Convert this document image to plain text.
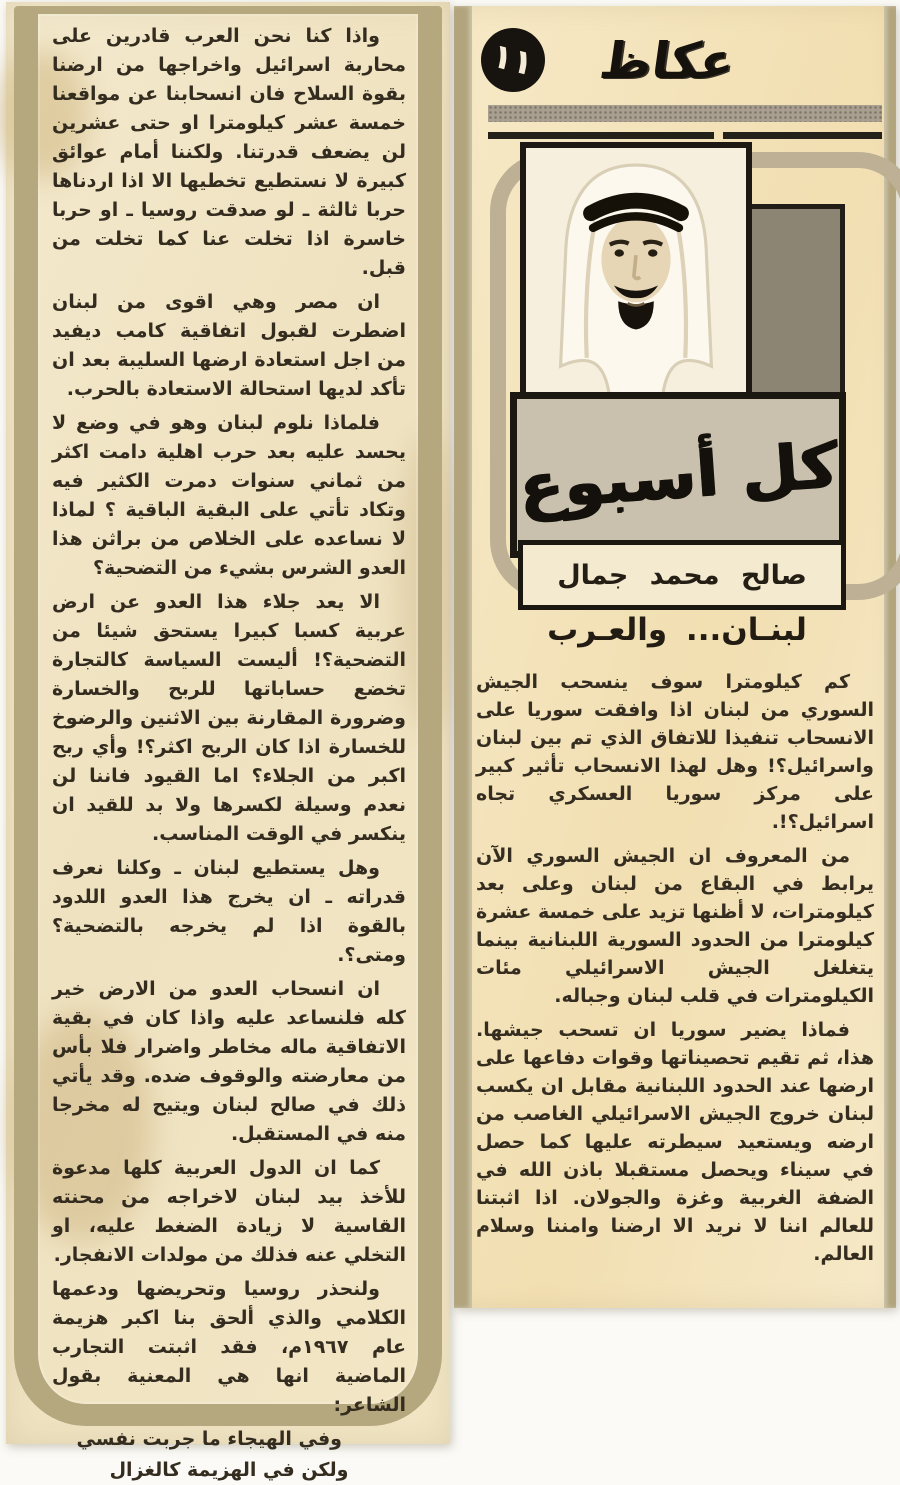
واذا كنا نحن العرب قادرين على محاربة اسرائيل واخراجها من ارضنا بقوة السلاح فان انسحابنا عن مواقعنا خمسة عشر كيلومترا او حتى عشرين لن يضعف قدرتنا. ولكننا أمام عوائق كبيرة لا نستطيع تخطيها الا اذا اردناها حربا ثالثة ـ لو صدقت روسيا ـ او حربا خاسرة اذا تخلت عنا كما تخلت من قبل.

ان مصر وهي اقوى من لبنان اضطرت لقبول اتفاقية كامب ديفيد من اجل استعادة ارضها السليبة بعد ان تأكد لديها استحالة الاستعادة بالحرب.

فلماذا نلوم لبنان وهو في وضع لا يحسد عليه بعد حرب اهلية دامت اكثر من ثماني سنوات دمرت الكثير فيه وتكاد تأتي على البقية الباقية ؟ لماذا لا نساعده على الخلاص من براثن هذا العدو الشرس بشيء من التضحية؟

الا يعد جلاء هذا العدو عن ارض عربية كسبا كبيرا يستحق شيئا من التضحية؟! أليست السياسة كالتجارة تخضع حساباتها للربح والخسارة وضرورة المقارنة بين الاثنين والرضوخ للخسارة اذا كان الربح اكثر؟! وأي ربح اكبر من الجلاء؟ اما القيود فاننا لن نعدم وسيلة لكسرها ولا بد للقيد ان ينكسر في الوقت المناسب.

وهل يستطيع لبنان ـ وكلنا نعرف قدراته ـ ان يخرج هذا العدو اللدود بالقوة اذا لم يخرجه بالتضحية؟ ومتى؟.

ان انسحاب العدو من الارض خير كله فلنساعد عليه واذا كان في بقية الاتفاقية ماله مخاطر واضرار فلا بأس من معارضته والوقوف ضده. وقد يأتي ذلك في صالح لبنان ويتيح له مخرجا منه في المستقبل.

كما ان الدول العربية كلها مدعوة للأخذ بيد لبنان لاخراجه من محنته القاسية لا زيادة الضغط عليه، او التخلي عنه فذلك من مولدات الانفجار.

ولنحذر روسيا وتحريضها ودعمها الكلامي والذي ألحق بنا اكبر هزيمة عام ١٩٦٧م، فقد اثبتت التجارب الماضية انها هي المعنية بقول الشاعر:

وفي الهيجاء ما جربت نفسي

ولكن في الهزيمة كالغزال

١١	عكاظ
كل أسبوع
صالح محمد جمال
لبنـان... والعـرب

كم كيلومترا سوف ينسحب الجيش السوري من لبنان اذا وافقت سوريا على الانسحاب تنفيذا للاتفاق الذي تم بين لبنان واسرائيل؟! وهل لهذا الانسحاب تأثير كبير على مركز سوريا العسكري تجاه اسرائيل؟!.

من المعروف ان الجيش السوري الآن يرابط في البقاع من لبنان وعلى بعد كيلومترات، لا أظنها تزيد على خمسة عشرة كيلومترا من الحدود السورية اللبنانية بينما يتغلغل الجيش الاسرائيلي مئات الكيلومترات في قلب لبنان وجباله.

فماذا يضير سوريا ان تسحب جيشها. هذا، ثم تقيم تحصيناتها وقوات دفاعها على ارضها عند الحدود اللبنانية مقابل ان يكسب لبنان خروج الجيش الاسرائيلي الغاصب من ارضه ويستعيد سيطرته عليها كما حصل في سيناء ويحصل مستقبلا باذن الله في الضفة الغربية وغزة والجولان. اذا اثبتنا للعالم اننا لا نريد الا ارضنا وامننا وسلام العالم.
